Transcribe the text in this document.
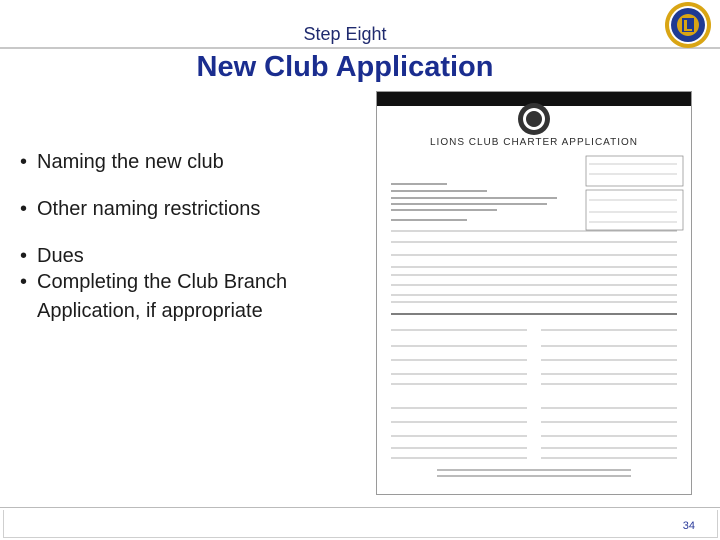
Step Eight
New Club Application
• Naming the new club
• Other naming restrictions
• Dues
• Completing the Club Branch Application, if appropriate
LIONS CLUB CHARTER APPLICATION
34
